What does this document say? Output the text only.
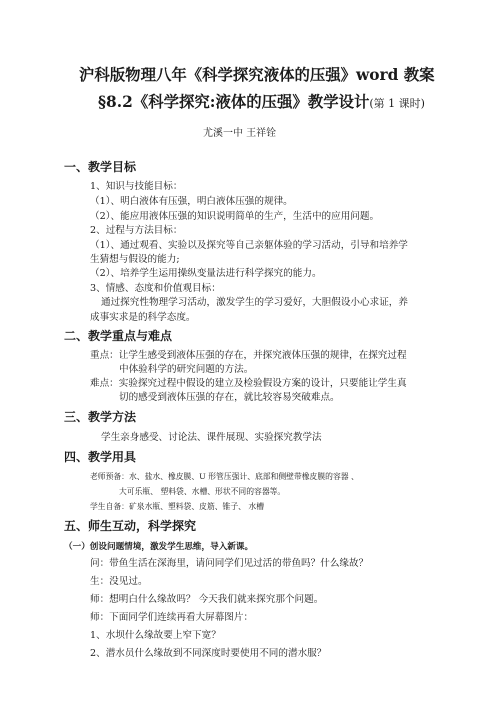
沪科版物理八年《科学探究液体的压强》word 教案
§8.2《科学探究:液体的压强》教学设计(第 1 课时)
尤溪一中 王祥铨
一、教学目标
1、知识与技能目标：
（1）、明白液体有压强，明白液体压强的规律。
（2）、能应用液体压强的知识说明简单的生产，生活中的应用问题。
2、过程与方法目标：
（1）、通过观看、实验以及探究等自己亲躯体验的学习活动，引导和培养学
生猜想与假设的能力;
（2）、培养学生运用操纵变量法进行科学探究的能力。
3、情感、态度和价值观目标：
通过探究性物理学习活动，激发学生的学习爱好，大胆假设小心求证，养
成事实求是的科学态度。
二、教学重点与难点
重点：让学生感受到液体压强的存在，并探究液体压强的规律，在探究过程
中体验科学的研究问题的方法。
难点：实验探究过程中假设的建立及检验假设方案的设计，只要能让学生真
切的感受到液体压强的存在，就比较容易突破难点。
三、教学方法
学生亲身感受、讨论法、课件展现、实验探究教学法
四、教学用具
老师预备：水、盐水、橡皮膜、U 形管压强计、底部和侧壁带橡皮膜的容器 、
大可乐瓶、 塑料袋、水槽、形状不同的容器等。
学生自备：矿泉水瓶、塑料袋、皮筋、锥子、 水槽
五、师生互动，科学探究
（一）创设问题情境，激发学生思维，导入新课。
问：带鱼生活在深海里，请问同学们见过活的带鱼吗？什么缘故？
生：没见过。
师：想明白什么缘故吗？ 今天我们就来探究那个问题。
师：下面同学们连续再看大屏幕图片：
1、水坝什么缘故要上窄下宽？
2、潜水员什么缘故到不同深度时要使用不同的潜水服？
